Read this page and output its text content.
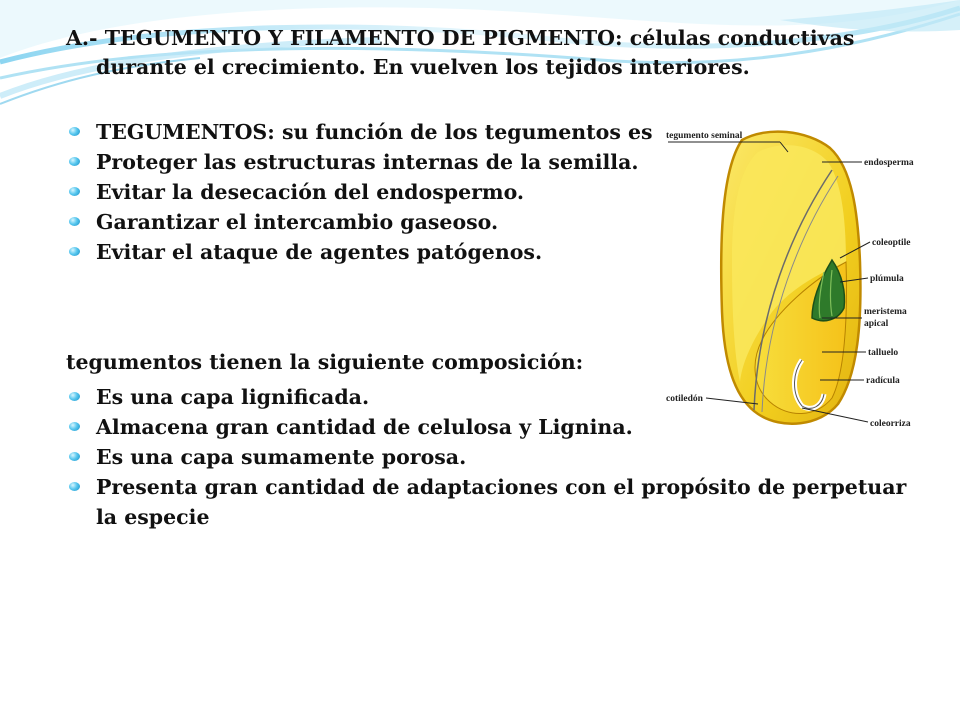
A.- TEGUMENTO Y FILAMENTO DE PIGMENTO: células conductivas

durante el crecimiento. En vuelven los tejidos interiores.
TEGUMENTOS: su función de los tegumentos es
Proteger las estructuras internas de la semilla.
Evitar la desecación del endospermo.
Garantizar el intercambio gaseoso.
Evitar el ataque de agentes patógenos.
tegumentos tienen la siguiente composición:
Es una capa lignificada.
Almacena gran cantidad de celulosa y Lignina.
Es una capa sumamente porosa.
Presenta gran cantidad de adaptaciones con el propósito de perpetuar
la especie
tegumento seminal
endosperma
coleoptile
plúmula
meristema
apical
talluelo
radícula
coleorriza
cotiledón
